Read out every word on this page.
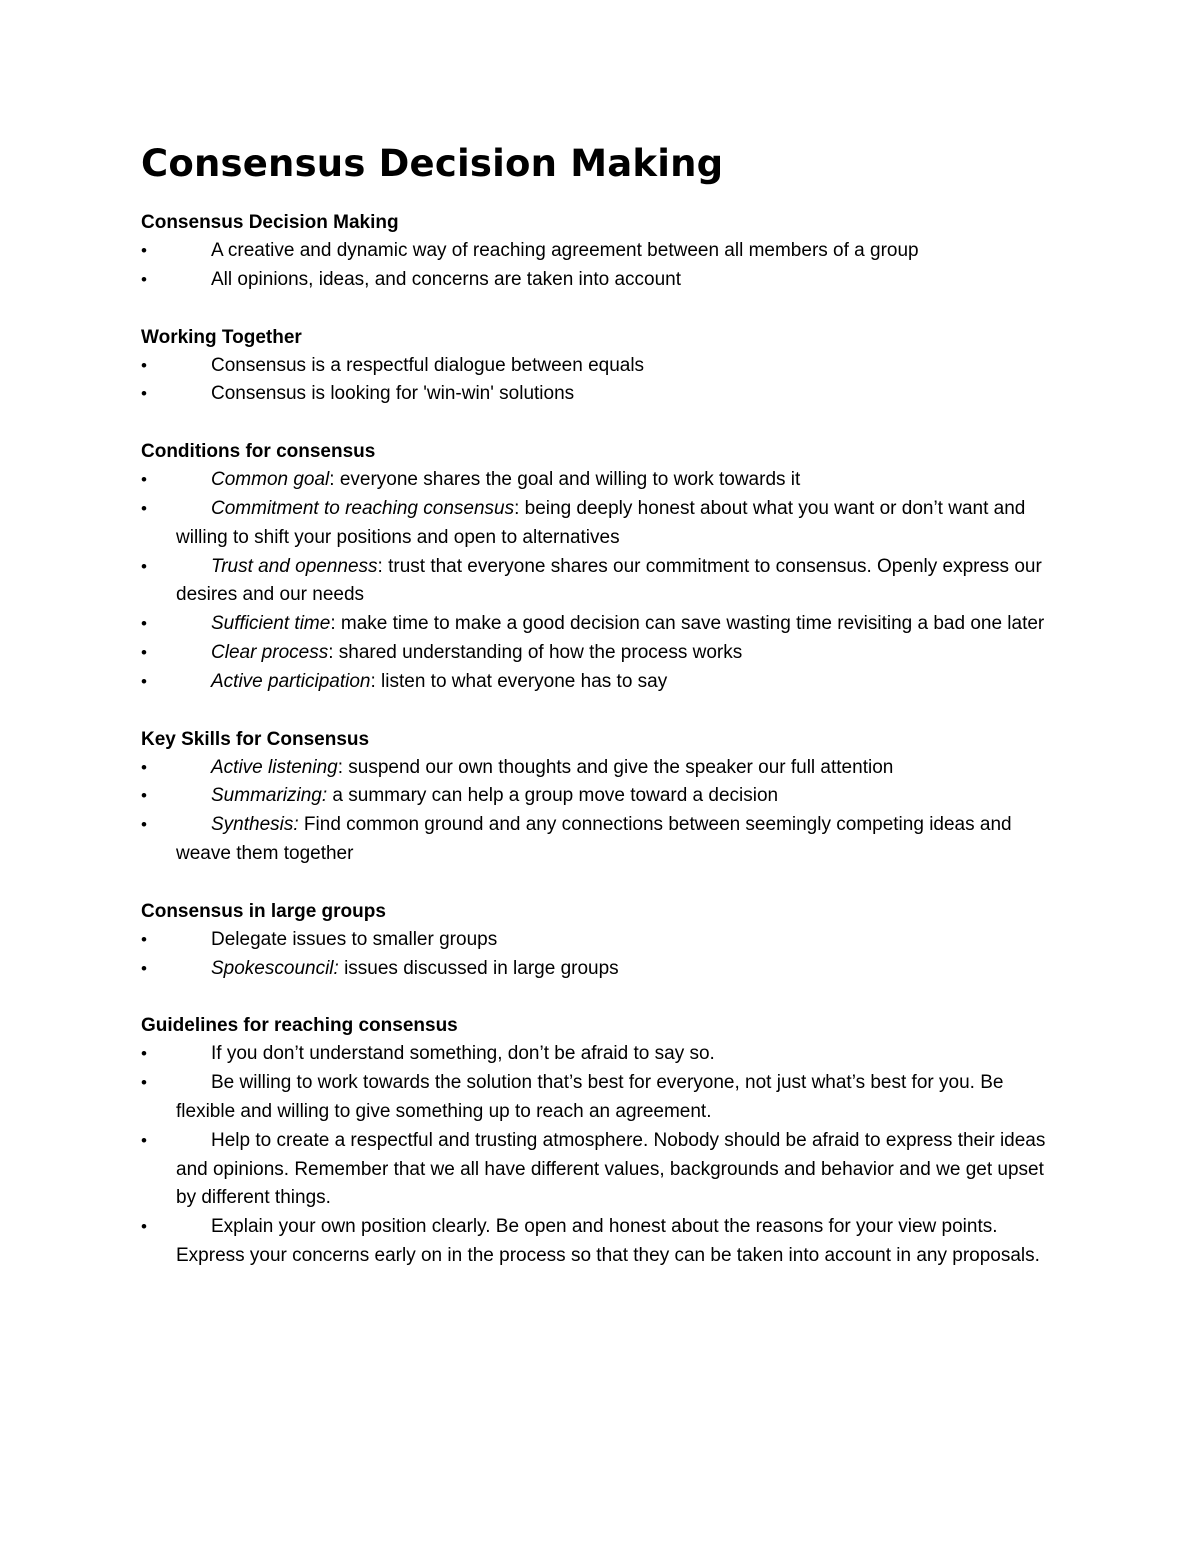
Consensus Decision Making
Consensus Decision Making
•	A creative and dynamic way of reaching agreement between all members of a group
•	All opinions, ideas, and concerns are taken into account
Working Together
•	Consensus is a respectful dialogue between equals
•	Consensus is looking for 'win-win' solutions
Conditions for consensus
•	Common goal: everyone shares the goal and willing to work towards it
•	Commitment to reaching consensus: being deeply honest about what you want or don’t want and willing to shift your positions and open to alternatives
•	Trust and openness: trust that everyone shares our commitment to consensus. Openly express our desires and our needs
•	Sufficient time: make time to make a good decision can save wasting time revisiting a bad one later
•	Clear process: shared understanding of how the process works
•	Active participation: listen to what everyone has to say
Key Skills for Consensus
•	Active listening: suspend our own thoughts and give the speaker our full attention
•	Summarizing: a summary can help a group move toward a decision
•	Synthesis: Find common ground and any connections between seemingly competing ideas and weave them together
Consensus in large groups
•	Delegate issues to smaller groups
•	Spokescouncil: issues discussed in large groups
Guidelines for reaching consensus
•	If you don’t understand something, don’t be afraid to say so.
•	Be willing to work towards the solution that’s best for everyone, not just what’s best for you. Be flexible and willing to give something up to reach an agreement.
•	Help to create a respectful and trusting atmosphere. Nobody should be afraid to express their ideas and opinions. Remember that we all have different values, backgrounds and behavior and we get upset by different things.
•	Explain your own position clearly. Be open and honest about the reasons for your view points. Express your concerns early on in the process so that they can be taken into account in any proposals.
